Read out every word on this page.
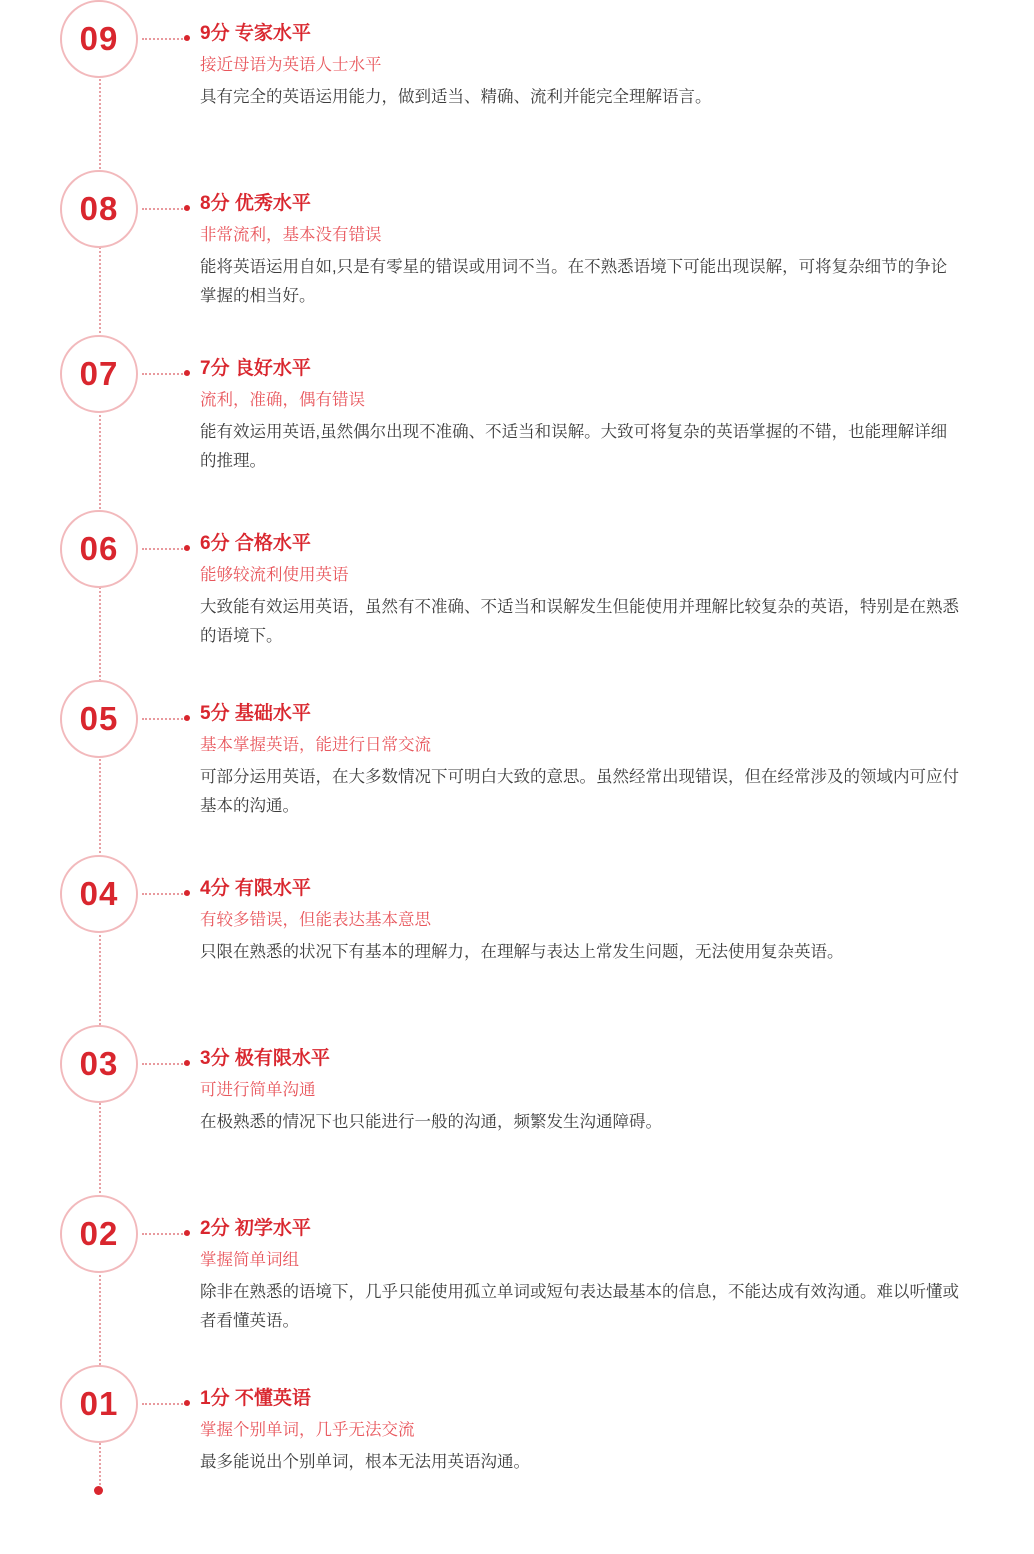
09	9分 专家水平

接近母语为英语人士水平

具有完全的英语运用能力，做到适当、精确、流利并能完全理解语言。

08	8分 优秀水平

非常流利，基本没有错误

能将英语运用自如,只是有零星的错误或用词不当。在不熟悉语境下可能出现误解，可将复杂细节的争论掌握的相当好。

07	7分 良好水平

流利，准确，偶有错误

能有效运用英语,虽然偶尔出现不准确、不适当和误解。大致可将复杂的英语掌握的不错，也能理解详细的推理。

06	6分 合格水平

能够较流利使用英语

大致能有效运用英语，虽然有不准确、不适当和误解发生但能使用并理解比较复杂的英语，特别是在熟悉的语境下。

05	5分 基础水平

基本掌握英语，能进行日常交流

可部分运用英语，在大多数情况下可明白大致的意思。虽然经常出现错误，但在经常涉及的领域内可应付基本的沟通。

04	4分 有限水平

有较多错误，但能表达基本意思

只限在熟悉的状况下有基本的理解力，在理解与表达上常发生问题，无法使用复杂英语。

03	3分 极有限水平

可进行简单沟通

在极熟悉的情况下也只能进行一般的沟通，频繁发生沟通障碍。

02	2分 初学水平

掌握简单词组

除非在熟悉的语境下，几乎只能使用孤立单词或短句表达最基本的信息，不能达成有效沟通。难以听懂或者看懂英语。

01	1分 不懂英语

掌握个别单词，几乎无法交流

最多能说出个别单词，根本无法用英语沟通。
